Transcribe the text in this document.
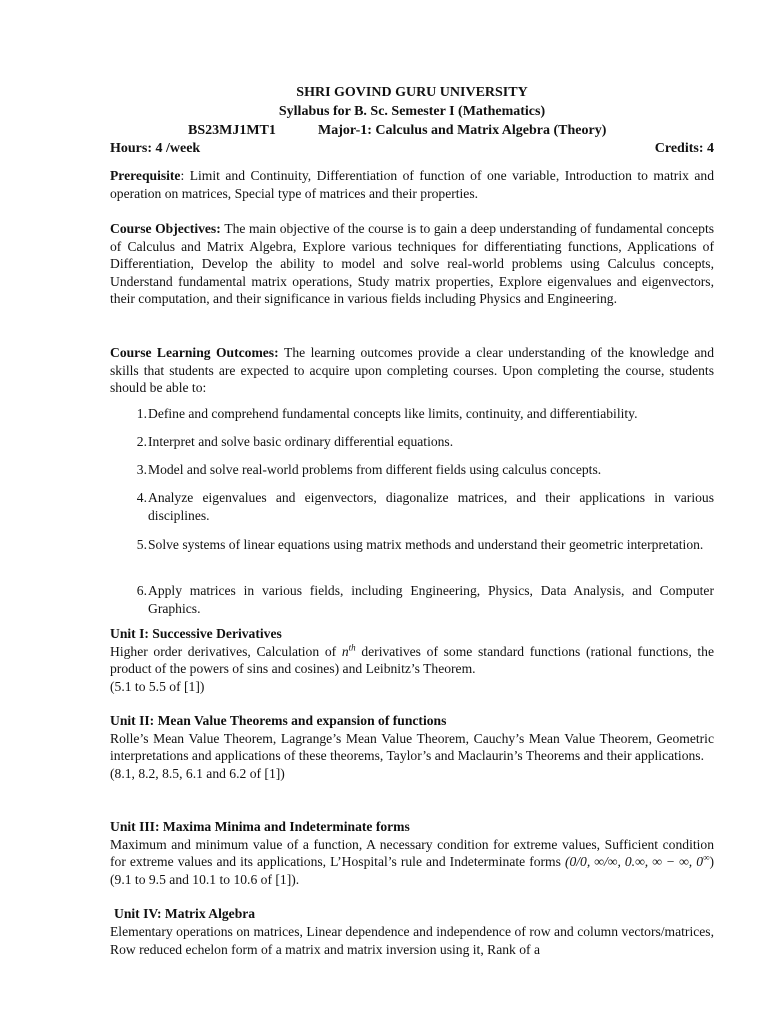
SHRI GOVIND GURU UNIVERSITY
Syllabus for B. Sc. Semester I (Mathematics)
BS23MJ1MT1	Major-1: Calculus and Matrix Algebra (Theory)
Hours: 4 /week	Credits: 4
Prerequisite: Limit and Continuity, Differentiation of function of one variable, Introduction to matrix and operation on matrices, Special type of matrices and their properties.
Course Objectives: The main objective of the course is to gain a deep understanding of fundamental concepts of Calculus and Matrix Algebra, Explore various techniques for differentiating functions, Applications of Differentiation, Develop the ability to model and solve real-world problems using Calculus concepts, Understand fundamental matrix operations, Study matrix properties, Explore eigenvalues and eigenvectors, their computation, and their significance in various fields including Physics and Engineering.
Course Learning Outcomes: The learning outcomes provide a clear understanding of the knowledge and skills that students are expected to acquire upon completing courses. Upon completing the course, students should be able to:
1. Define and comprehend fundamental concepts like limits, continuity, and differentiability.
2. Interpret and solve basic ordinary differential equations.
3. Model and solve real-world problems from different fields using calculus concepts.
4. Analyze eigenvalues and eigenvectors, diagonalize matrices, and their applications in various disciplines.
5. Solve systems of linear equations using matrix methods and understand their geometric interpretation.
6. Apply matrices in various fields, including Engineering, Physics, Data Analysis, and Computer Graphics.
Unit I: Successive Derivatives
Higher order derivatives, Calculation of $n^{th}$ derivatives of some standard functions (rational functions, the product of the powers of sins and cosines) and Leibnitz’s Theorem.
(5.1 to 5.5 of [1])
Unit II: Mean Value Theorems and expansion of functions
Rolle’s Mean Value Theorem, Lagrange’s Mean Value Theorem, Cauchy’s Mean Value Theorem, Geometric interpretations and applications of these theorems, Taylor’s and Maclaurin’s Theorems and their applications.
(8.1, 8.2, 8.5, 6.1 and 6.2 of [1])
Unit III: Maxima Minima and Indeterminate forms
Maximum and minimum value of a function, A necessary condition for extreme values, Sufficient condition for extreme values and its applications, L’Hospital’s rule and Indeterminate forms (0/0, ∞/∞, 0.∞, ∞ − ∞, 0∞) (9.1 to 9.5 and 10.1 to 10.6 of [1]).
Unit IV: Matrix Algebra
Elementary operations on matrices, Linear dependence and independence of row and column vectors/matrices, Row reduced echelon form of a matrix and matrix inversion using it, Rank of a
